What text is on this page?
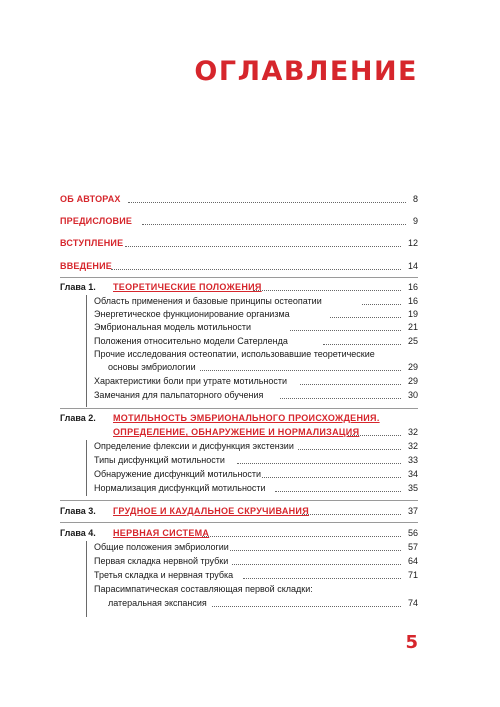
ОГЛАВЛЕНИЕ
ОБ АВТОРАХ	8
ПРЕДИСЛОВИЕ	9
ВСТУПЛЕНИЕ	12
ВВЕДЕНИЕ	14
Глава 1. ТЕОРЕТИЧЕСКИЕ ПОЛОЖЕНИЯ	16
Область применения и базовые принципы остеопатии	16
Энергетическое функционирование организма	19
Эмбриональная модель мотильности	21
Положения относительно модели Сатерленда	25
Прочие исследования остеопатии, использовавшие теоретические
основы эмбриологии	29
Характеристики боли при утрате мотильности	29
Замечания для пальпаторного обучения	30
Глава 2. МОТИЛЬНОСТЬ ЭМБРИОНАЛЬНОГО ПРОИСХОЖДЕНИЯ.
ОПРЕДЕЛЕНИЕ, ОБНАРУЖЕНИЕ И НОРМАЛИЗАЦИЯ	32
Определение флексии и дисфункция экстензии	32
Типы дисфункций мотильности	33
Обнаружение дисфункций мотильности	34
Нормализация дисфункций мотильности	35
Глава 3. ГРУДНОЕ И КАУДАЛЬНОЕ СКРУЧИВАНИЯ	37
Глава 4. НЕРВНАЯ СИСТЕМА	56
Общие положения эмбриологии	57
Первая складка нервной трубки	64
Третья складка и нервная трубка	71
Парасимпатическая составляющая первой складки:
латеральная экспансия	74
5
